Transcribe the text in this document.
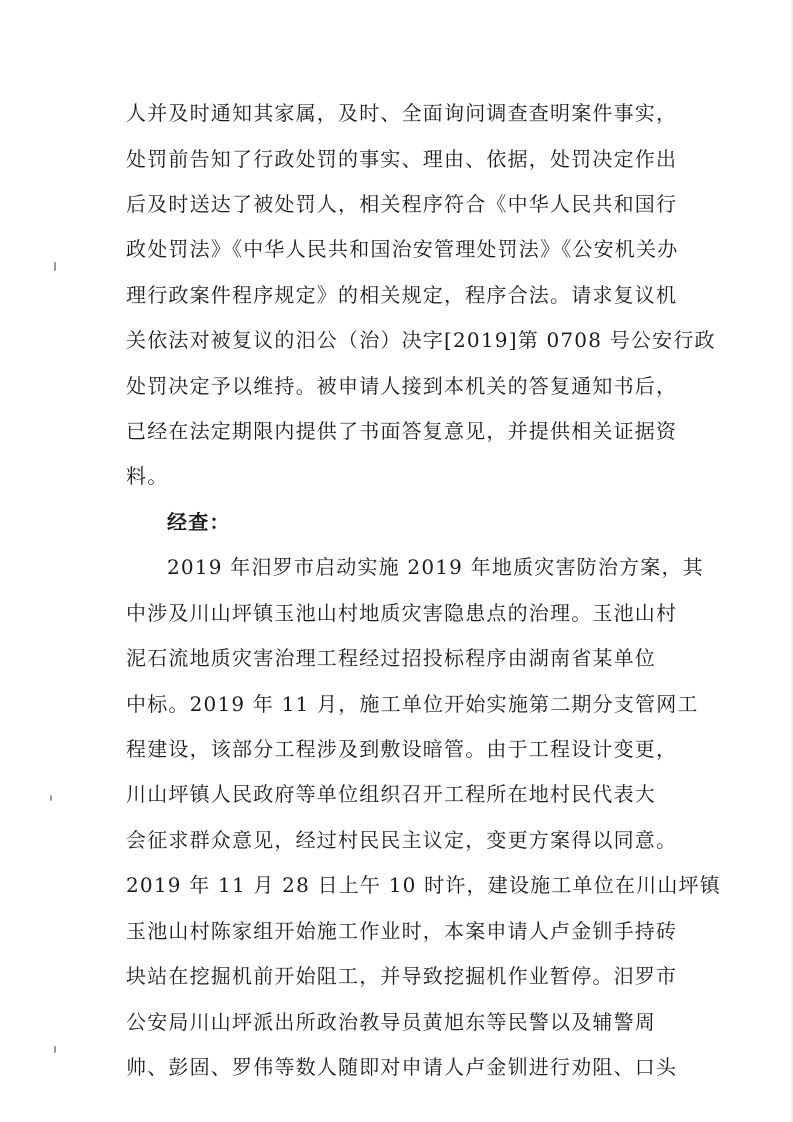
人并及时通知其家属，及时、全面询问调查查明案件事实，
处罚前告知了行政处罚的事实、理由、依据，处罚决定作出
后及时送达了被处罚人，相关程序符合《中华人民共和国行
政处罚法》《中华人民共和国治安管理处罚法》《公安机关办
理行政案件程序规定》的相关规定，程序合法。请求复议机
关依法对被复议的汨公（治）决字[2019]第 0708 号公安行政
处罚决定予以维持。被申请人接到本机关的答复通知书后，
已经在法定期限内提供了书面答复意见，并提供相关证据资
料。
经查：
2019 年汨罗市启动实施 2019 年地质灾害防治方案，其
中涉及川山坪镇玉池山村地质灾害隐患点的治理。玉池山村
泥石流地质灾害治理工程经过招投标程序由湖南省某单位
中标。2019 年 11 月，施工单位开始实施第二期分支管网工
程建设，该部分工程涉及到敷设暗管。由于工程设计变更，
川山坪镇人民政府等单位组织召开工程所在地村民代表大
会征求群众意见，经过村民民主议定，变更方案得以同意。
2019 年 11 月 28 日上午 10 时许，建设施工单位在川山坪镇
玉池山村陈家组开始施工作业时，本案申请人卢金钏手持砖
块站在挖掘机前开始阻工，并导致挖掘机作业暂停。汨罗市
公安局川山坪派出所政治教导员黄旭东等民警以及辅警周
帅、彭固、罗伟等数人随即对申请人卢金钏进行劝阻、口头
